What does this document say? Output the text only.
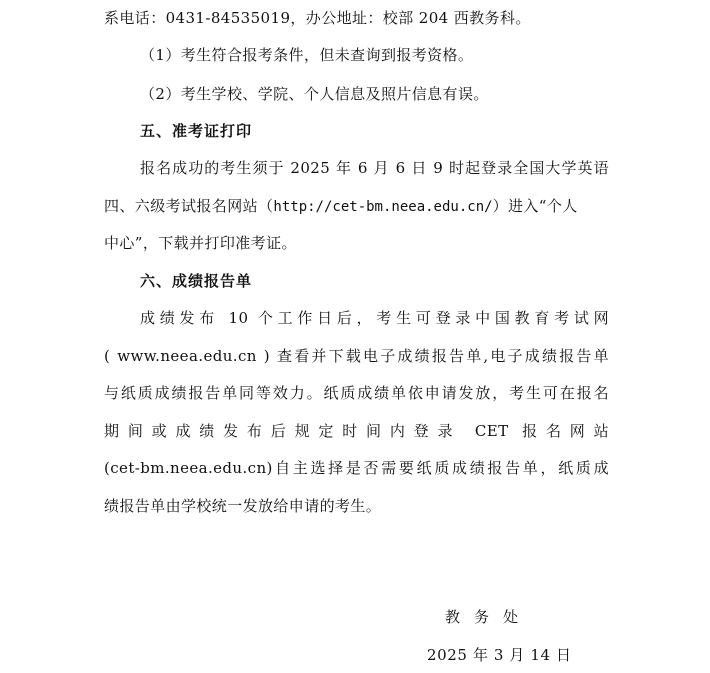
系电话：0431-84535019，办公地址：校部 204 西教务科。
（1）考生符合报考条件，但未查询到报考资格。
（2）考生学校、学院、个人信息及照片信息有误。
五、准考证打印
报名成功的考生须于 2025 年 6 月 6 日 9 时起登录全国大学英语
四、六级考试报名网站（http://cet-bm.neea.edu.cn/）进入“个人
中心”，下载并打印准考证。
六、成绩报告单
成绩发布 10 个工作日后，考生可登录中国教育考试网
( www.neea.edu.cn ) 查看并下载电子成绩报告单,电子成绩报告单
与纸质成绩报告单同等效力。纸质成绩单依申请发放，考生可在报名
期间或成绩发布后规定时间内登录 CET 报名网站
(cet-bm.neea.edu.cn)自主选择是否需要纸质成绩报告单，纸质成
绩报告单由学校统一发放给申请的考生。
教务处
2025 年 3 月 14 日
